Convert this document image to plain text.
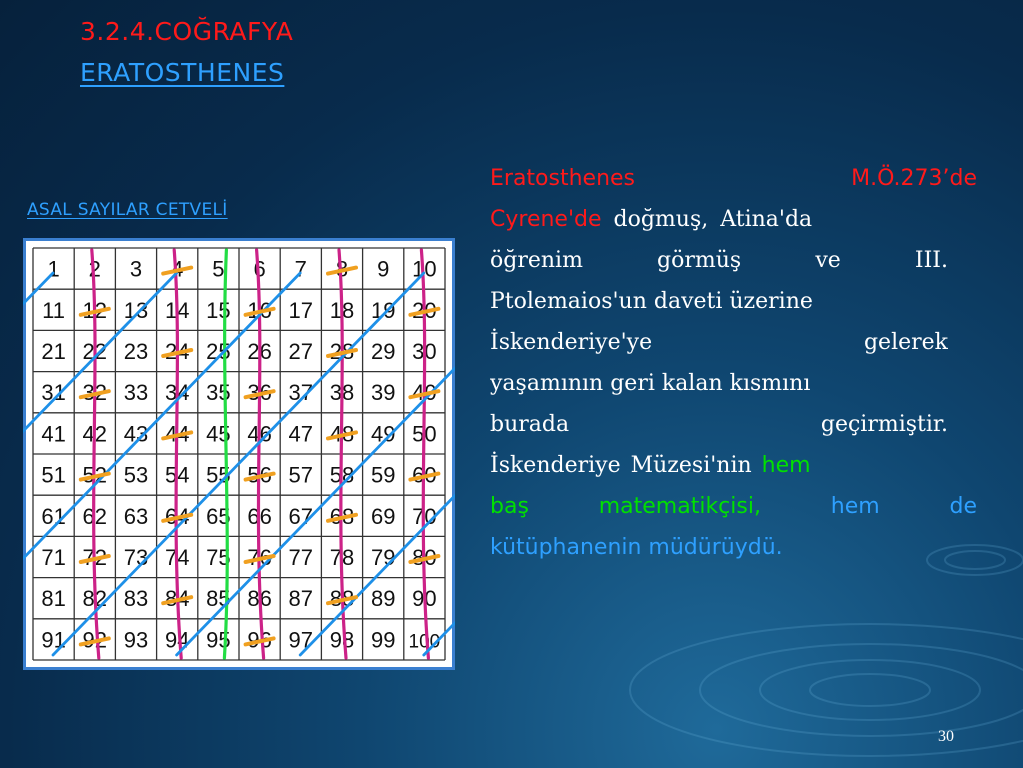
3.2.4.COĞRAFYA
ERATOSTHENES
ASAL SAYILAR CETVELİ
1 2 3 4 5 6 7 8 9 10
11 12 13 14 15 16 17 18 19 20
21 22 23 24 25 26 27 28 29 30
31 32 33 34 35 36 37 38 39 40
41 42 43 44 45 46 47 48 49 50
51 52 53 54 55 56 57 58 59 60
61 62 63 64 65 66 67 68 69 70
71 72 73 74 75 76 77 78 79 80
81 82 83 84 85 86 87 88 89 90
91 92 93 94 95 96 97 98 99 100
Eratosthenes	M.Ö.273’de
Cyrene'de doğmuş, Atina'da
öğrenim	görmüş	ve	III.
Ptolemaios'un daveti üzerine
İskenderiye'ye	gelerek
yaşamının geri kalan kısmını
burada	geçirmiştir.
İskenderiye Müzesi'nin hem
baş	matematikçisi,	hem	de
kütüphanenin müdürüydü.
30
